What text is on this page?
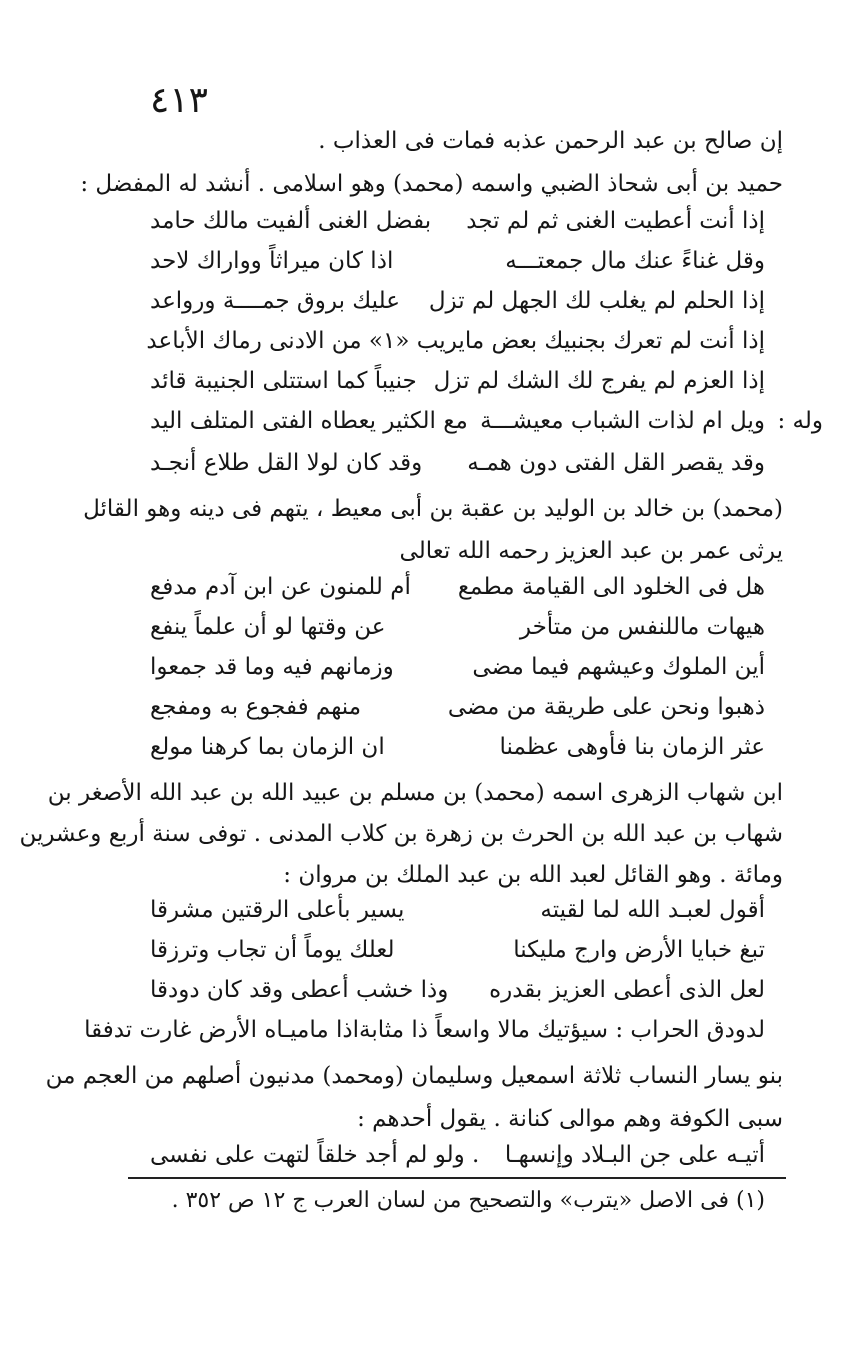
٤١٣
إن صالح بن عبد الرحمن عذبه فمات فى العذاب .
حميد بن أبى شحاذ الضبي واسمه (محمد) وهو اسلامى . أنشد له المفضل :
إذا أنت أعطيت الغنى ثم لم تجد
بفضل الغنى ألفيت مالك حامد
وقل غناءً عنك مال جمعتـــه
اذا كان ميراثاً وواراك لاحد
إذا الحلم لم يغلب لك الجهل لم تزل
عليك بروق جمــــة ورواعد
إذا أنت لم تعرك بجنبيك بعض ما
يريب «١» من الادنى رماك الأباعد
إذا العزم لم يفرج لك الشك لم تزل
جنيباً كما استتلى الجنيبة قائد
وله :
ويل ام لذات الشباب معيشـــة
مع الكثير يعطاه الفتى المتلف اليد
وقد يقصر القل الفتى دون همـه
وقد كان لولا القل طلاع أنجـد
(محمد) بن خالد بن الوليد بن عقبة بن أبى معيط ، يتهم فى دينه وهو القائل
يرثى عمر بن عبد العزيز رحمه الله تعالى
هل فى الخلود الى القيامة مطمع
أم للمنون عن ابن آدم مدفع
هيهات ماللنفس من متأخر
عن وقتها لو أن علماً ينفع
أين الملوك وعيشهم فيما مضى
وزمانهم فيه وما قد جمعوا
ذهبوا ونحن على طريقة من مضى
منهم ففجوع به ومفجع
عثر الزمان بنا فأوهى عظمنا
ان الزمان بما كرهنا مولع
ابن شهاب الزهرى اسمه (محمد) بن مسلم بن عبيد الله بن عبد الله الأصغر بن
شهاب بن عبد الله بن الحرث بن زهرة بن كلاب المدنى . توفى سنة أربع وعشرين
ومائة . وهو القائل لعبد الله بن عبد الملك بن مروان :
أقول لعبـد الله لما لقيته
يسير بأعلى الرقتين مشرقا
تبغ خبايا الأرض وارج مليكنا
لعلك يوماً أن تجاب وترزقا
لعل الذى أعطى العزيز بقدره
وذا خشب أعطى وقد كان دودقا
لدودق الحراب : سيؤتيك مالا واسعاً ذا مثابة
اذا ماميـاه الأرض غارت تدفقا
بنو يسار النساب ثلاثة اسمعيل وسليمان (ومحمد) مدنيون أصلهم من العجم من
سبى الكوفة وهم موالى كنانة . يقول أحدهم :
أتيـه على جن البـلاد وإنسهـا
. ولو لم أجد خلقاً لتهت على نفسى
(١) فى الاصل «يترب» والتصحيح من لسان العرب ج ١٢ ص ٣٥٢ .
